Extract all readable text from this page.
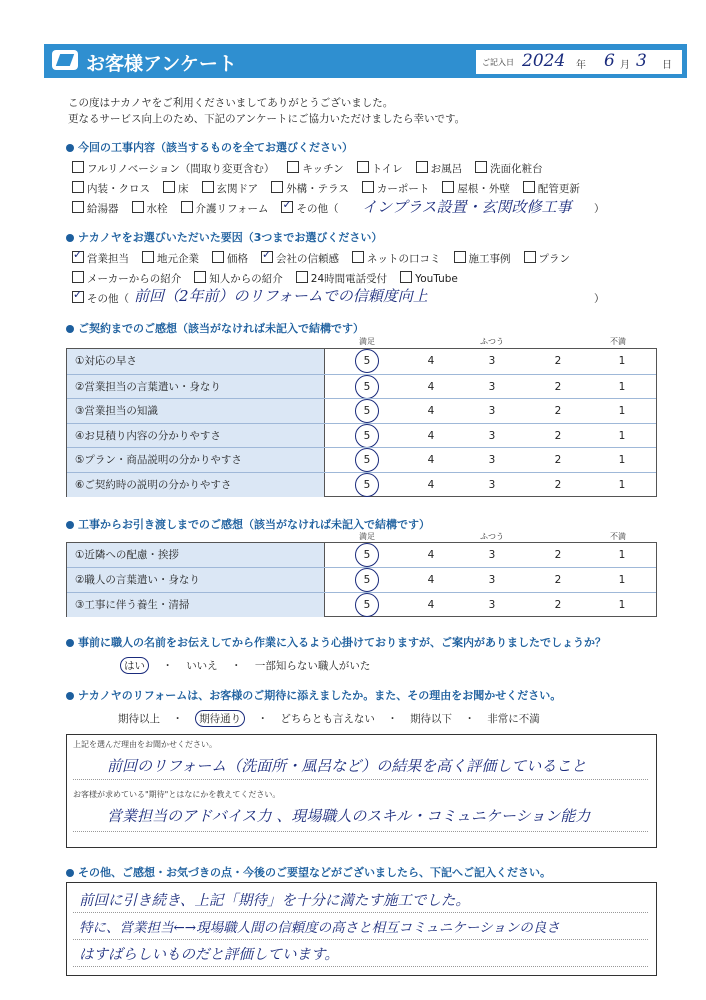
お客様アンケート	ご記入日 2024 年 6 月 3 日
この度はナカノヤをご利用くださいましてありがとうございました。
更なるサービス向上のため、下記のアンケートにご協力いただけましたら幸いです。
今回の工事内容（該当するものを全てお選びください）
フルリノベーション（間取り変更含む）	キッチン	トイレ	お風呂	洗面化粧台
内装・クロス	床	玄関ドア	外構・テラス	カーポート	屋根・外壁	配管更新
給湯器	水栓	介護リフォーム ✓	その他（ インプラス設置・玄関改修工事 ）
ナカノヤをお選びいただいた要因（3つまでお選びください）
✓営業担当	地元企業	価格 ✓	会社の信頼感	ネットの口コミ	施工事例	プラン
メーカーからの紹介	知人からの紹介	24時間電話受付	YouTube
✓その他（ 前回（2年前）のリフォームでの信頼度向上	）
ご契約までのご感想（該当がなければ未記入で結構です）
満足	ふつう	不満
①対応の早さ	5	4	3	2	1
②営業担当の言葉遣い・身なり	5	4	3	2	1
③営業担当の知識	5	4	3	2	1
④お見積り内容の分かりやすさ	5	4	3	2	1
⑤プラン・商品説明の分かりやすさ	5	4	3	2	1
⑥ご契約時の説明の分かりやすさ	5	4	3	2	1
工事からお引き渡しまでのご感想（該当がなければ未記入で結構です）
満足	ふつう	不満
①近隣への配慮・挨拶	5	4	3	2	1
②職人の言葉遣い・身なり	5	4	3	2	1
③工事に伴う養生・清掃	5	4	3	2	1
事前に職人の名前をお伝えしてから作業に入るよう心掛けておりますが、ご案内がありましたでしょうか？
はい ・ いいえ ・ 一部知らない職人がいた
ナカノヤのリフォームは、お客様のご期待に添えましたか。また、その理由をお聞かせください。
期待以上 ・ 期待通り ・ どちらとも言えない ・ 期待以下 ・ 非常に不満
上記を選んだ理由をお聞かせください。
前回のリフォーム（洗面所・風呂など）の結果を高く評価していること
お客様が求めている"期待"とはなにかを教えてください。
営業担当のアドバイス力 、現場職人のスキル・コミュニケーション能力
その他、ご感想・お気づきの点・今後のご要望などがございましたら、下記へご記入ください。
前回に引き続き、上記「期待」を十分に満たす施工でした。
特に、営業担当←→現場職人間の信頼度の高さと相互コミュニケーションの良さ
はすばらしいものだと評価しています。
